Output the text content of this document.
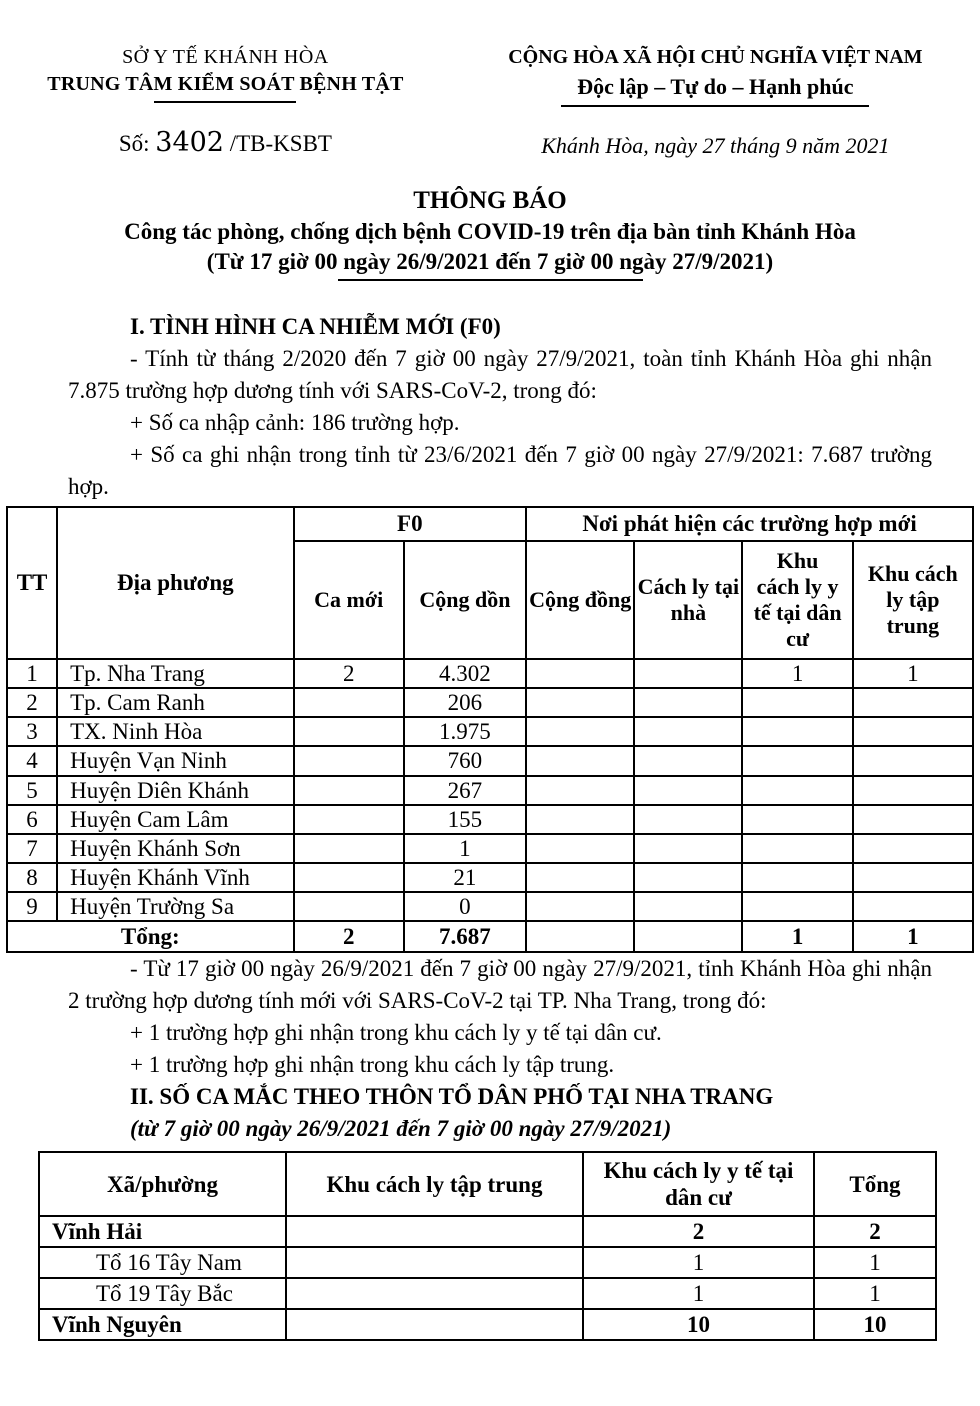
SỞ Y TẾ KHÁNH HÒA
TRUNG TÂM KIỂM SOÁT BỆNH TẬT
Số: 3402 /TB-KSBT
CỘNG HÒA XÃ HỘI CHỦ NGHĨA VIỆT NAM
Độc lập – Tự do – Hạnh phúc
Khánh Hòa, ngày 27 tháng 9 năm 2021
THÔNG BÁO
Công tác phòng, chống dịch bệnh COVID-19 trên địa bàn tỉnh Khánh Hòa
(Từ 17 giờ 00 ngày 26/9/2021 đến 7 giờ 00 ngày 27/9/2021)

I. TÌNH HÌNH CA NHIỄM MỚI (F0)

- Tính từ tháng 2/2020 đến 7 giờ 00 ngày 27/9/2021, toàn tỉnh Khánh Hòa ghi nhận 7.875 trường hợp dương tính với SARS-CoV-2, trong đó:

+ Số ca nhập cảnh: 186 trường hợp.

+ Số ca ghi nhận trong tỉnh từ 23/6/2021 đến 7 giờ 00 ngày 27/9/2021: 7.687 trường hợp.

TT	Địa phương	F0		Nơi phát hiện các trường hợp mới			
		Ca mới	Cộng dồn	Cộng đồng	Cách ly tại nhà	Khu cách ly y tế tại dân cư	Khu cách ly tập trung
1	Tp. Nha Trang	2	4.302			1	1
2	Tp. Cam Ranh		206				
3	TX. Ninh Hòa		1.975				
4	Huyện Vạn Ninh		760				
5	Huyện Diên Khánh		267				
6	Huyện Cam Lâm		155				
7	Huyện Khánh Sơn		1				
8	Huyện Khánh Vĩnh		21				
9	Huyện Trường Sa		0				
Tổng:		2	7.687			1	1

- Từ 17 giờ 00 ngày 26/9/2021 đến 7 giờ 00 ngày 27/9/2021, tỉnh Khánh Hòa ghi nhận 2 trường hợp dương tính mới với SARS-CoV-2 tại TP. Nha Trang, trong đó:

+ 1 trường hợp ghi nhận trong khu cách ly y tế tại dân cư.

+ 1 trường hợp ghi nhận trong khu cách ly tập trung.

II. SỐ CA MẮC THEO THÔN TỔ DÂN PHỐ TẠI NHA TRANG

(từ 7 giờ 00 ngày 26/9/2021 đến 7 giờ 00 ngày 27/9/2021)

Xã/phường	Khu cách ly tập trung	Khu cách ly y tế tại dân cư	Tổng
Vĩnh Hải		2	2
Tổ 16 Tây Nam		1	1
Tổ 19 Tây Bắc		1	1
Vĩnh Nguyên		10	10
